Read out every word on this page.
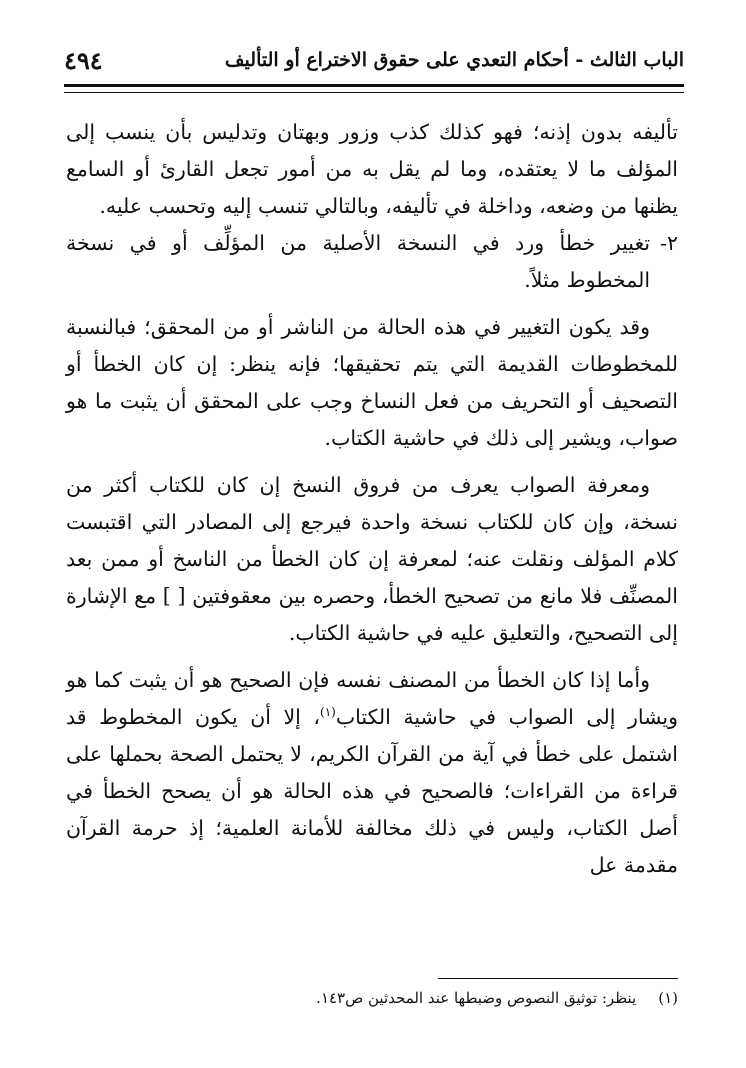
٤٩٤	الباب الثالث - أحكام التعدي على حقوق الاختراع أو التأليف

تأليفه بدون إذنه؛ فهو كذلك كذب وزور وبهتان وتدليس بأن ينسب إلى المؤلف ما لا يعتقده، وما لم يقل به من أمور تجعل القارئ أو السامع يظنها من وضعه، وداخلة في تأليفه، وبالتالي تنسب إليه وتحسب عليه.

٢-
تغيير خطأ ورد في النسخة الأصلية من المؤلِّف أو في نسخة المخطوط مثلاً.

وقد يكون التغيير في هذه الحالة من الناشر أو من المحقق؛ فبالنسبة للمخطوطات القديمة التي يتم تحقيقها؛ فإنه ينظر: إن كان الخطأ أو التصحيف أو التحريف من فعل النساخ وجب على المحقق أن يثبت ما هو صواب، ويشير إلى ذلك في حاشية الكتاب.

ومعرفة الصواب يعرف من فروق النسخ إن كان للكتاب أكثر من نسخة، وإن كان للكتاب نسخة واحدة فيرجع إلى المصادر التي اقتبست كلام المؤلف ونقلت عنه؛ لمعرفة إن كان الخطأ من الناسخ أو ممن بعد المصنِّف فلا مانع من تصحيح الخطأ، وحصره بين معقوفتين [ ] مع الإشارة إلى التصحيح، والتعليق عليه في حاشية الكتاب.

وأما إذا كان الخطأ من المصنف نفسه فإن الصحيح هو أن يثبت كما هو ويشار إلى الصواب في حاشية الكتاب$^{(١)}$، إلا أن يكون المخطوط قد اشتمل على خطأ في آية من القرآن الكريم، لا يحتمل الصحة بحملها على قراءة من القراءات؛ فالصحيح في هذه الحالة هو أن يصحح الخطأ في أصل الكتاب، وليس في ذلك مخالفة للأمانة العلمية؛ إذ حرمة القرآن مقدمة عل

(١)ينظر: توثيق النصوص وضبطها عند المحدثين ص١٤٣.
